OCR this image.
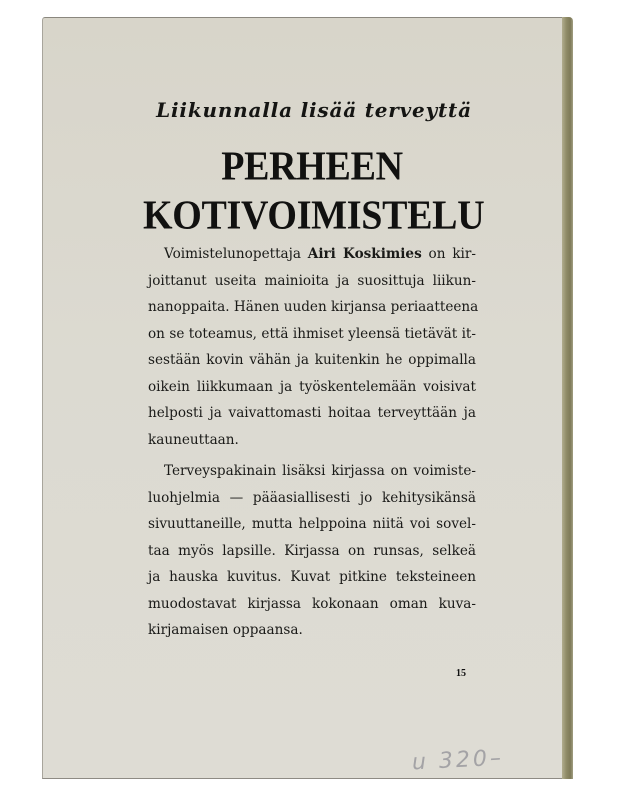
Liikunnalla lisää terveyttä
PERHEEN
KOTIVOIMISTELU
Voimistelunopettaja Airi Koskimies on kir-
joittanut useita mainioita ja suosittuja liikun-
nanoppaita. Hänen uuden kirjansa periaatteena
on se toteamus, että ihmiset yleensä tietävät it-
sestään kovin vähän ja kuitenkin he oppimalla
oikein liikkumaan ja työskentelemään voisivat
helposti ja vaivattomasti hoitaa terveyttään ja
kauneuttaan.
Terveyspakinain lisäksi kirjassa on voimiste-
luohjelmia — pääasiallisesti jo kehitysikänsä
sivuuttaneille, mutta helppoina niitä voi sovel-
taa myös lapsille. Kirjassa on runsas, selkeä
ja hauska kuvitus. Kuvat pitkine teksteineen
muodostavat kirjassa kokonaan oman kuva-
kirjamaisen oppaansa.
15
u 320–
